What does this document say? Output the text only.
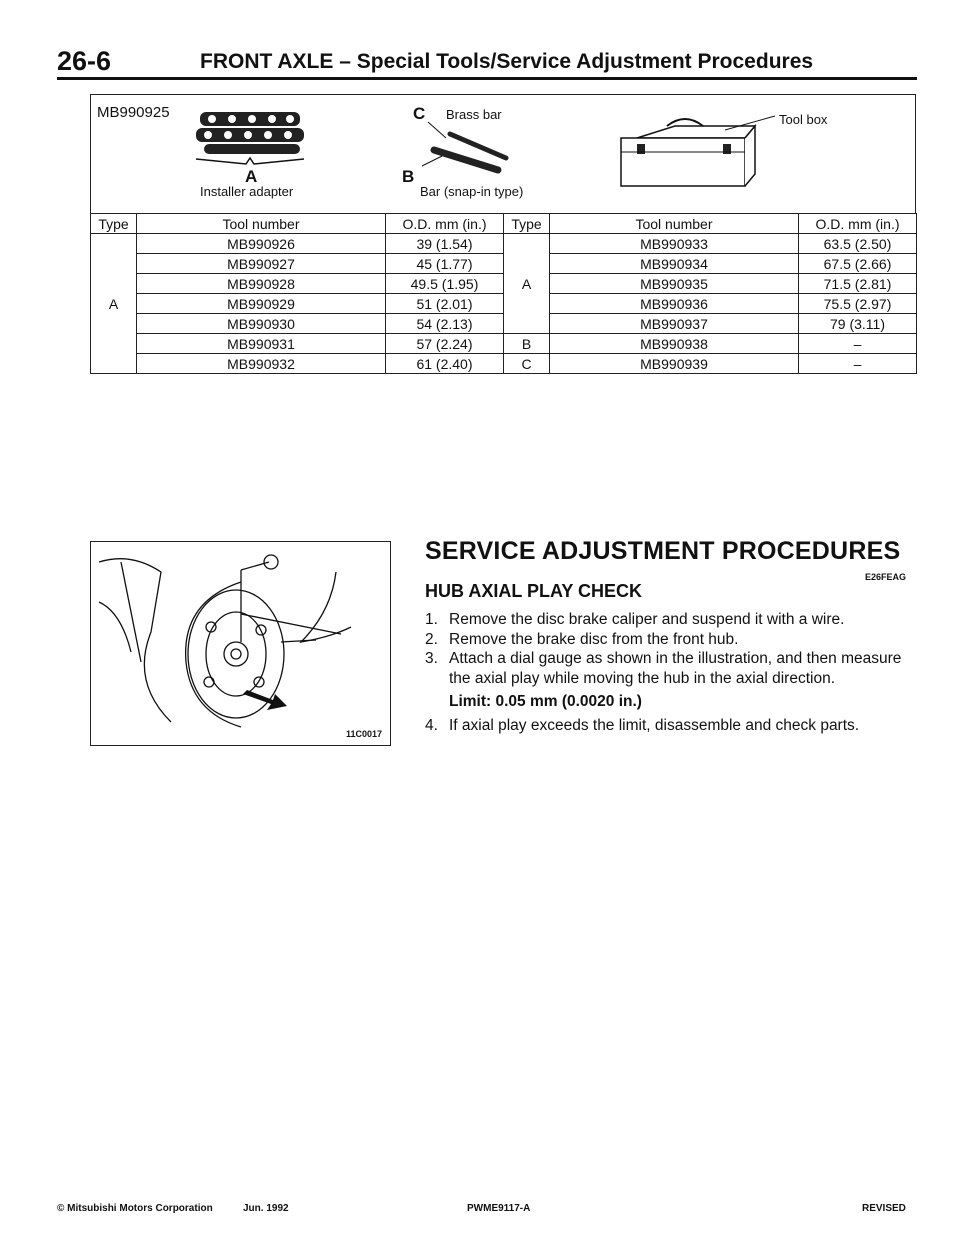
26-6	FRONT AXLE – Special Tools/Service Adjustment Procedures
MB990925
A
Installer adapter
C Brass bar
B
Bar (snap-in type)
Tool box
Type	Tool number	O.D. mm (in.)	Type	Tool number	O.D. mm (in.)
A	MB990926	39 (1.54)	A	MB990933	63.5 (2.50)
	MB990927	45 (1.77)		MB990934	67.5 (2.66)
	MB990928	49.5 (1.95)		MB990935	71.5 (2.81)
	MB990929	51 (2.01)		MB990936	75.5 (2.97)
	MB990930	54 (2.13)		MB990937	79 (3.11)
	MB990931	57 (2.24)	B	MB990938	–
	MB990932	61 (2.40)	C	MB990939	–
11C0017
SERVICE ADJUSTMENT PROCEDURES
E26FEAG
HUB AXIAL PLAY CHECK
1. Remove the disc brake caliper and suspend it with a wire.
2. Remove the brake disc from the front hub.
3. Attach a dial gauge as shown in the illustration, and then measure the axial play while moving the hub in the axial direction.
Limit: 0.05 mm (0.0020 in.)
4. If axial play exceeds the limit, disassemble and check parts.
© Mitsubishi Motors Corporation	Jun. 1992	PWME9117-A	REVISED
